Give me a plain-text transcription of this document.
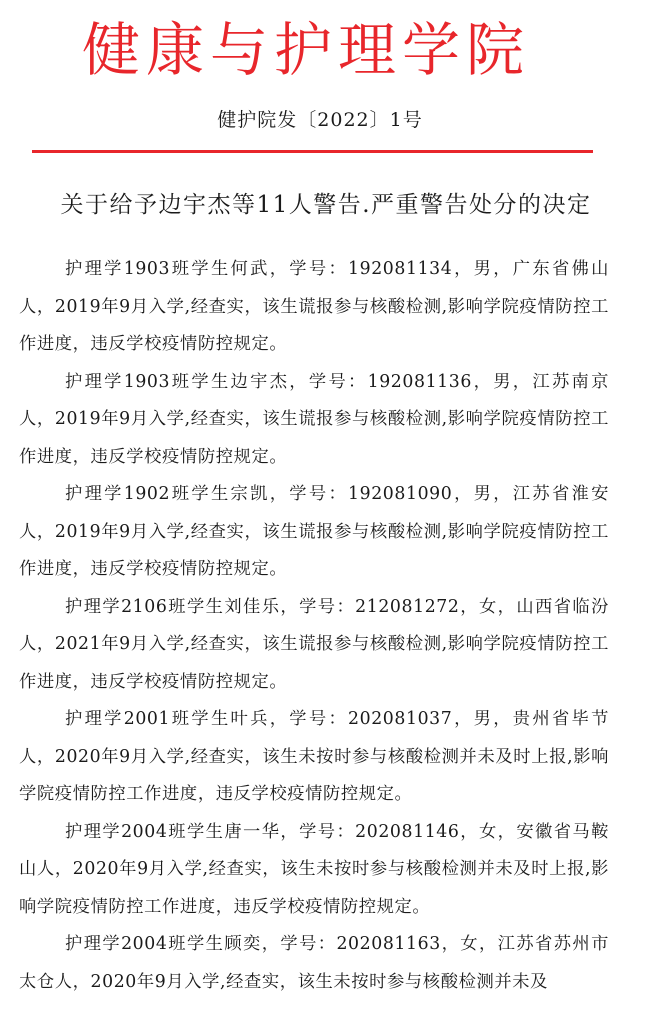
健康与护理学院
健护院发〔2022〕1号
关于给予边宇杰等11人警告.严重警告处分的决定

护理学1903班学生何武，学号：192081134，男，广东省佛山人，2019年9月入学,经查实，该生谎报参与核酸检测,影响学院疫情防控工作进度，违反学校疫情防控规定。

护理学1903班学生边宇杰，学号：192081136，男，江苏南京人，2019年9月入学,经查实，该生谎报参与核酸检测,影响学院疫情防控工作进度，违反学校疫情防控规定。

护理学1902班学生宗凯，学号：192081090，男，江苏省淮安人，2019年9月入学,经查实，该生谎报参与核酸检测,影响学院疫情防控工作进度，违反学校疫情防控规定。

护理学2106班学生刘佳乐，学号：212081272，女，山西省临汾人，2021年9月入学,经查实，该生谎报参与核酸检测,影响学院疫情防控工作进度，违反学校疫情防控规定。

护理学2001班学生叶兵，学号：202081037，男，贵州省毕节人，2020年9月入学,经查实，该生未按时参与核酸检测并未及时上报,影响学院疫情防控工作进度，违反学校疫情防控规定。

护理学2004班学生唐一华，学号：202081146，女，安徽省马鞍山人，2020年9月入学,经查实，该生未按时参与核酸检测并未及时上报,影响学院疫情防控工作进度，违反学校疫情防控规定。

护理学2004班学生顾奕，学号：202081163，女，江苏省苏州市太仓人，2020年9月入学,经查实，该生未按时参与核酸检测并未及
